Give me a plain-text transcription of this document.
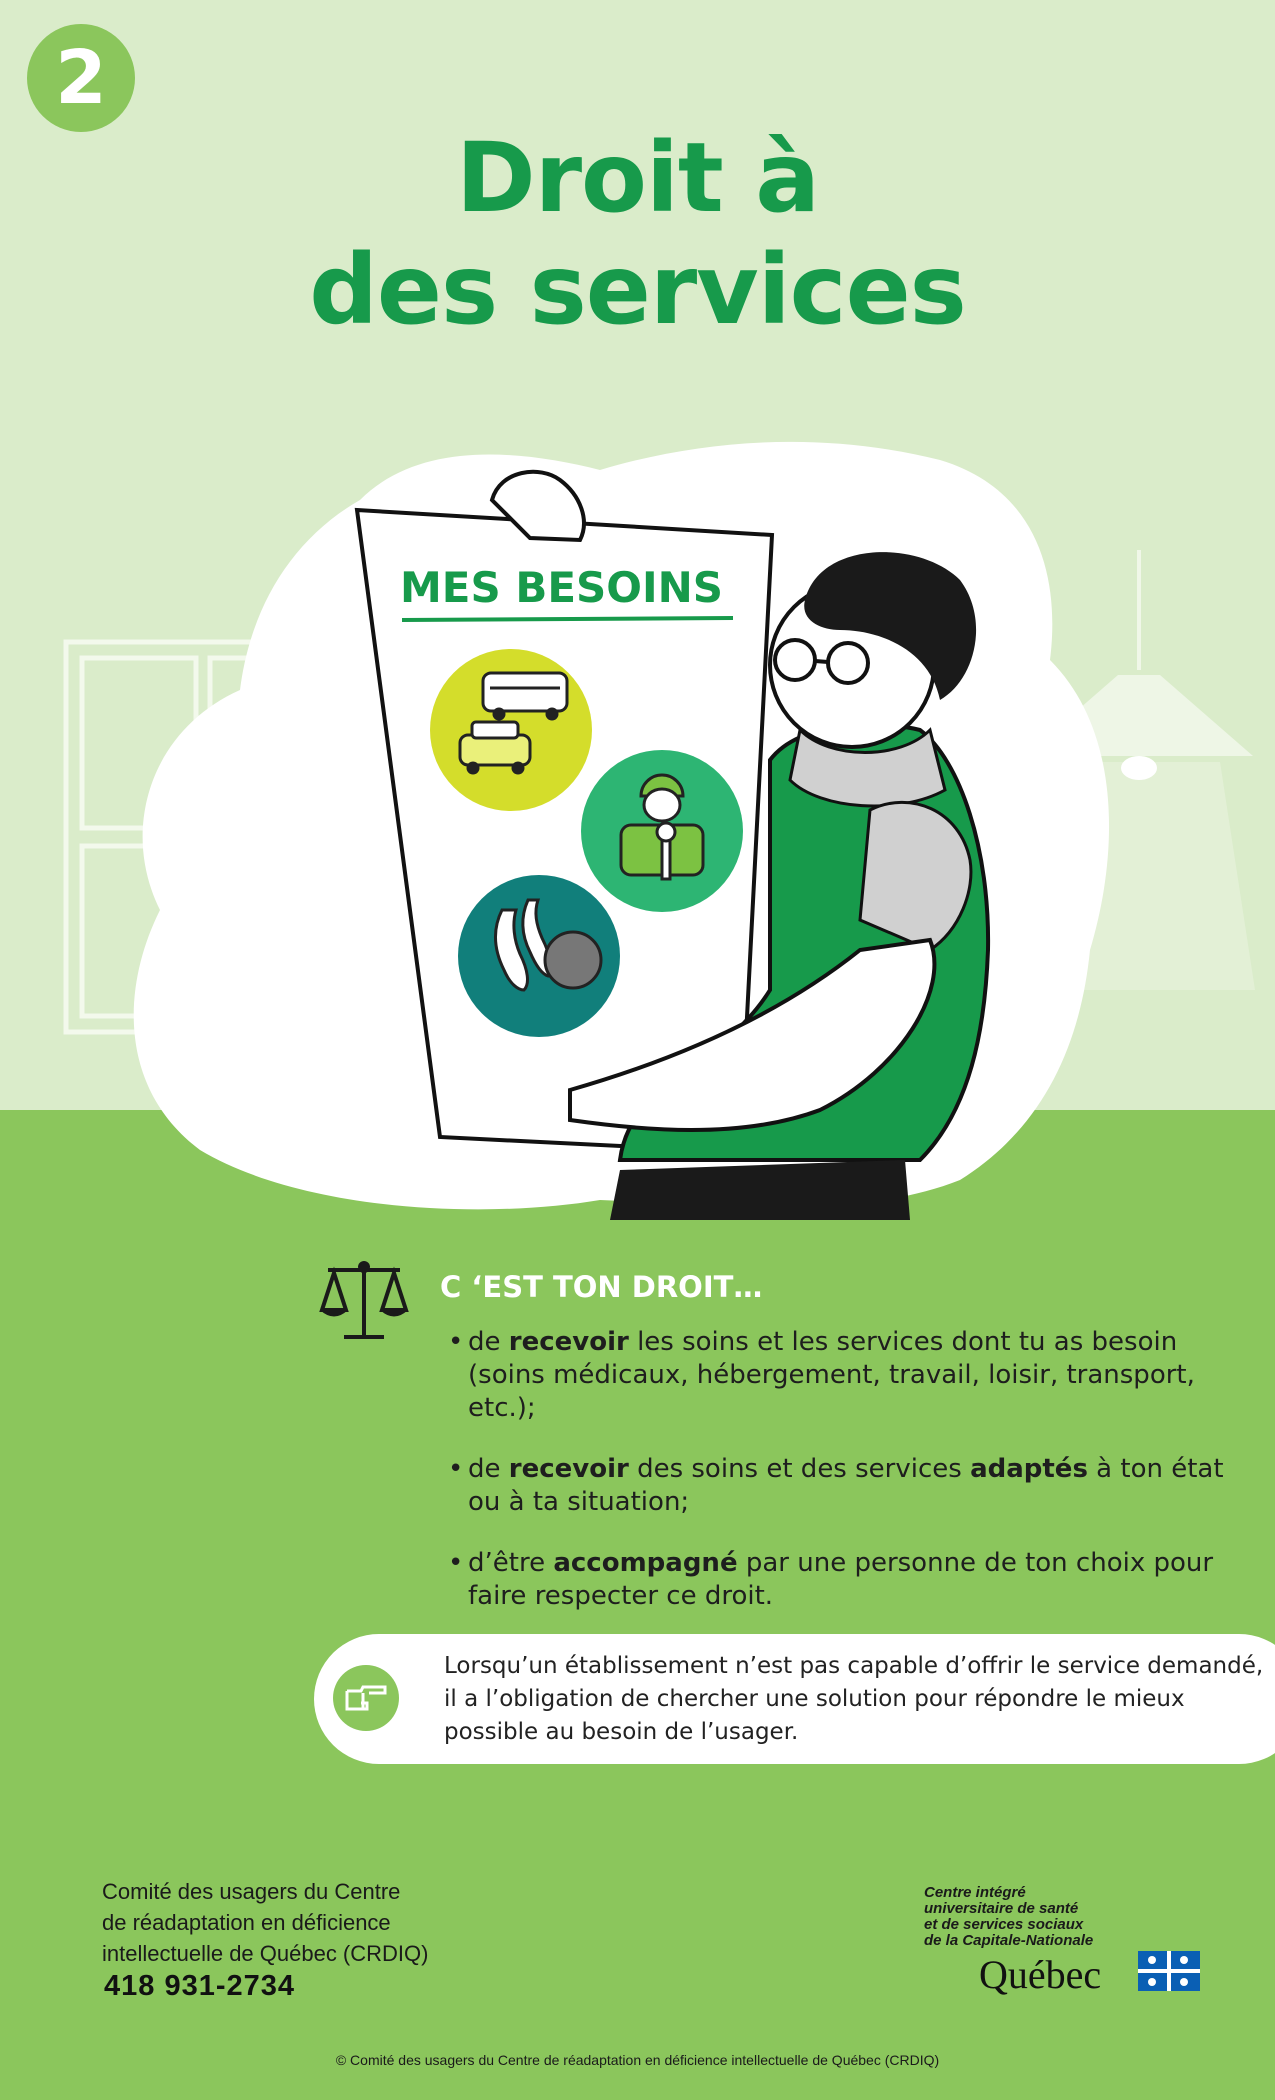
2
Droit à
des services
MES BESOINS
C ‘EST TON DROIT…
• de recevoir les soins et les services dont tu as besoin (soins médicaux, hébergement, travail, loisir, transport, etc.);
• de recevoir des soins et des services adaptés à ton état ou à ta situation;
• d’être accompagné par une personne de ton choix pour faire respecter ce droit.
Lorsqu’un établissement n’est pas capable d’offrir le service demandé, il a l’obligation de chercher une solution pour répondre le mieux possible au besoin de l’usager.
Comité des usagers du Centre
de réadaptation en déficience
intellectuelle de Québec (CRDIQ)
418 931-2734
Centre intégré
universitaire de santé
et de services sociaux
de la Capitale-Nationale
Québec
© Comité des usagers du Centre de réadaptation en déficience intellectuelle de Québec (CRDIQ)
